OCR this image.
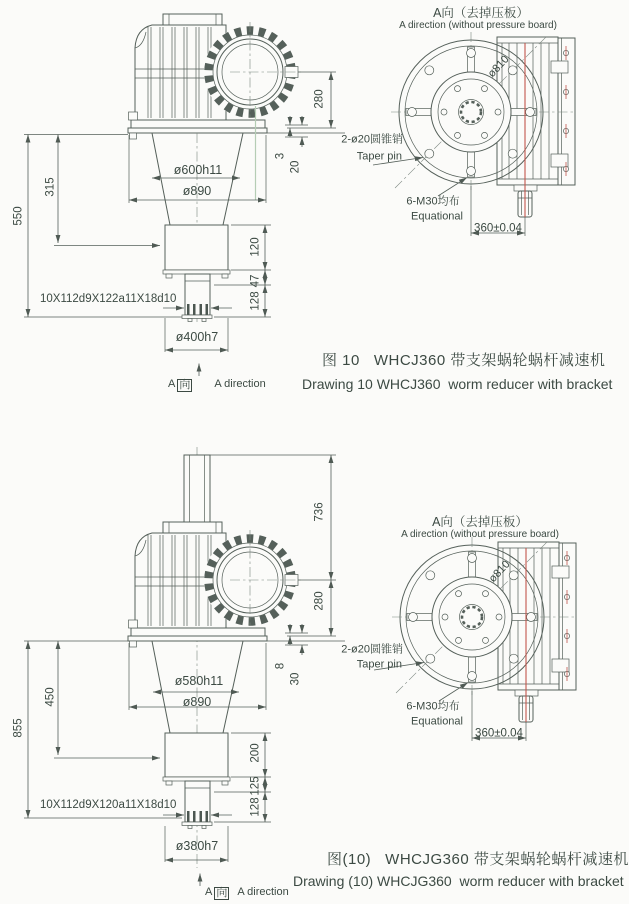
A向（去掉压板）
A direction (without pressure board)
ø810
2-ø20圆锥销
Taper pin
6-M30均布
Equational
360±0.04
280
3
20
315
550
120
47
128
ø600h11
ø890
10X112d9X122a11X18d10
ø400h7
A 向 A direction
图 10   WHCJ360 带支架蜗轮蜗杆减速机
Drawing 10 WHCJ360  worm reducer with bracket
A向（去掉压板）
A direction (without pressure board)
ø810
2-ø20圆锥销
Taper pin
6-M30均布
Equational
360±0.04
736
280
8
30
450
855
200
125
128
ø580h11
ø890
10X112d9X120a11X18d10
ø380h7
A 向 A direction
图(10)   WHCJG360 带支架蜗轮蜗杆减速机
Drawing (10) WHCJG360  worm reducer with bracket
